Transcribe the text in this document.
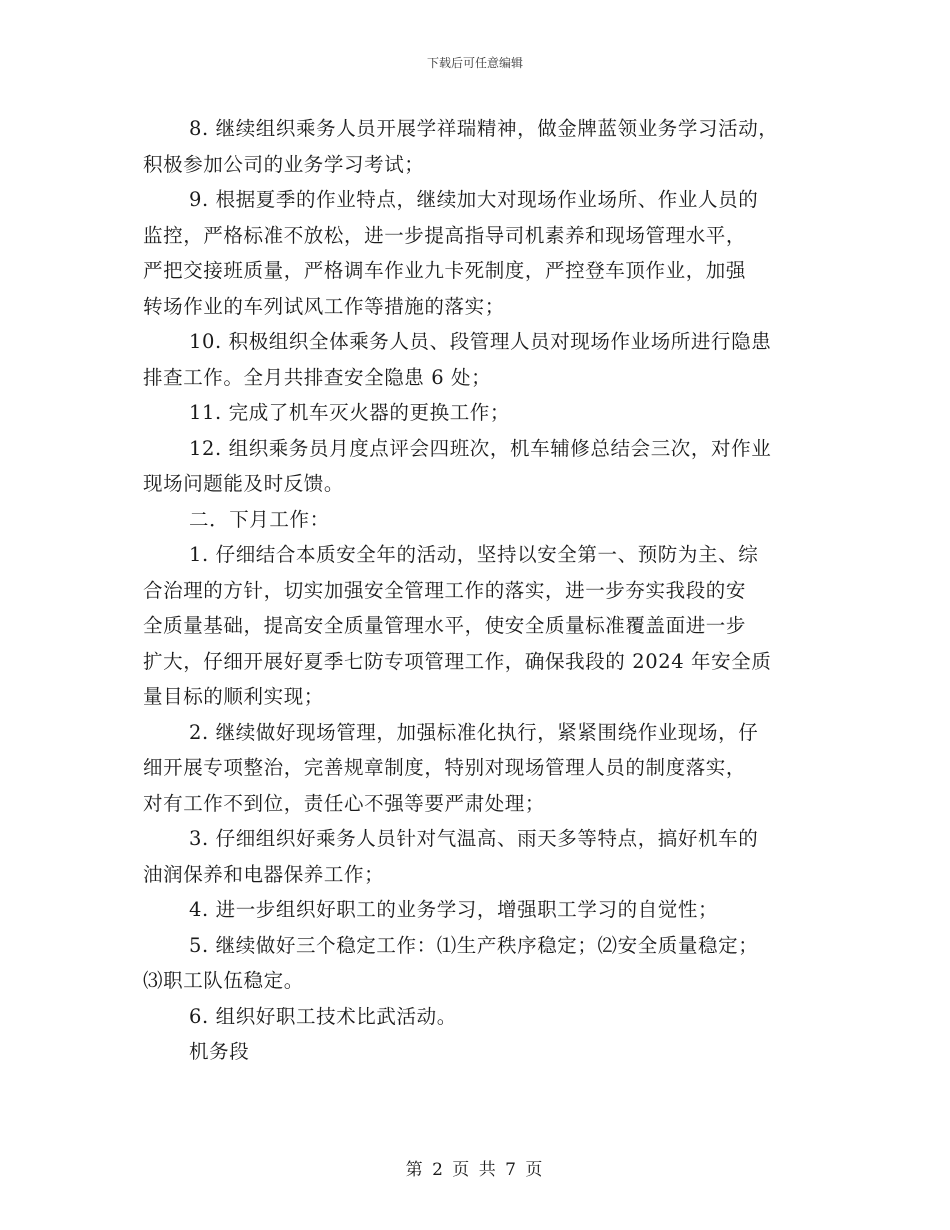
下载后可任意编辑

8. 继续组织乘务人员开展学祥瑞精神，做金牌蓝领业务学习活动，
积极参加公司的业务学习考试；

9. 根据夏季的作业特点，继续加大对现场作业场所、作业人员的
监控，严格标准不放松，进一步提高指导司机素养和现场管理水平，
严把交接班质量，严格调车作业九卡死制度，严控登车顶作业，加强
转场作业的车列试风工作等措施的落实；

10. 积极组织全体乘务人员、段管理人员对现场作业场所进行隐患
排查工作。全月共排查安全隐患 6 处；

11. 完成了机车灭火器的更换工作；

12. 组织乘务员月度点评会四班次，机车辅修总结会三次，对作业
现场问题能及时反馈。

二．下月工作：

1. 仔细结合本质安全年的活动，坚持以安全第一、预防为主、综
合治理的方针，切实加强安全管理工作的落实，进一步夯实我段的安
全质量基础，提高安全质量管理水平，使安全质量标准覆盖面进一步
扩大，仔细开展好夏季七防专项管理工作，确保我段的 2024 年安全质
量目标的顺利实现；

2. 继续做好现场管理，加强标准化执行，紧紧围绕作业现场，仔
细开展专项整治，完善规章制度，特别对现场管理人员的制度落实，
对有工作不到位，责任心不强等要严肃处理；

3. 仔细组织好乘务人员针对气温高、雨天多等特点，搞好机车的
油润保养和电器保养工作；

4. 进一步组织好职工的业务学习，增强职工学习的自觉性；

5. 继续做好三个稳定工作：⑴生产秩序稳定；⑵安全质量稳定；
⑶职工队伍稳定。

6. 组织好职工技术比武活动。

机务段

第 2 页 共 7 页
